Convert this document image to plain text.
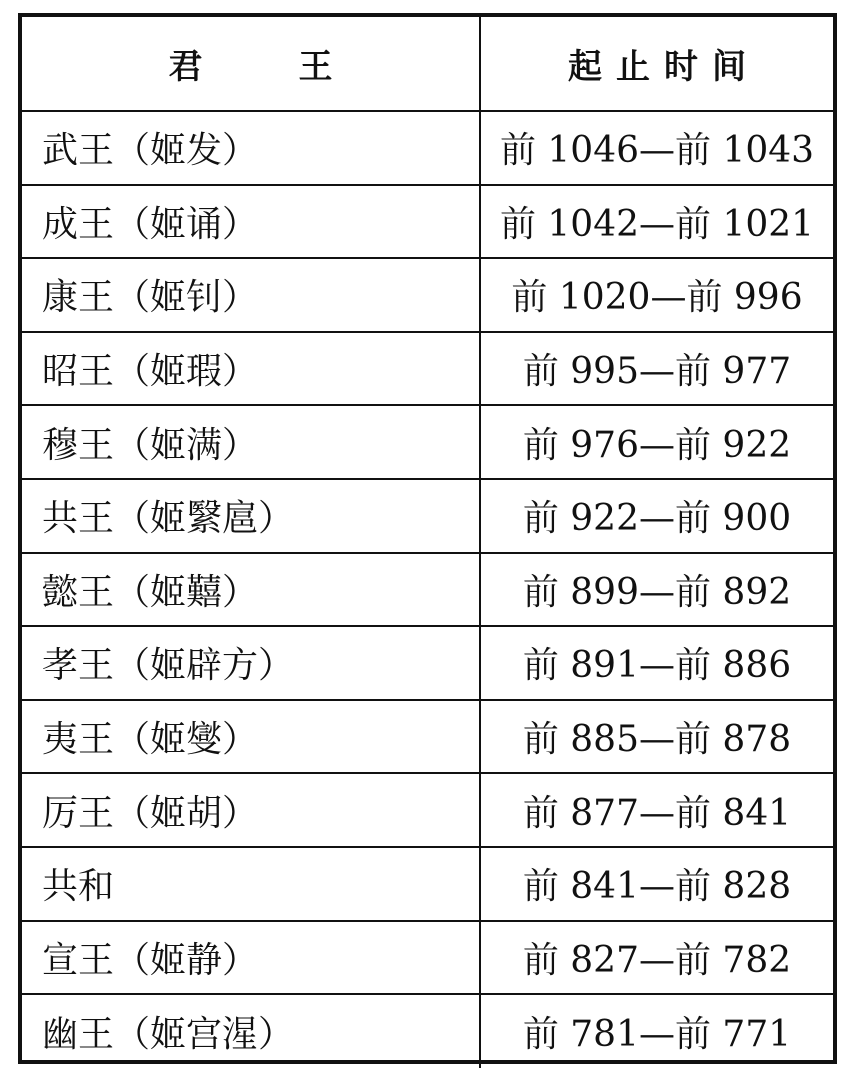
君王	起止时间
武王（姬发）	前 1046—前 1043
成王（姬诵）	前 1042—前 1021
康王（姬钊）	前 1020—前 996
昭王（姬瑕）	前 995—前 977
穆王（姬满）	前 976—前 922
共王（姬繄扈）	前 922—前 900
懿王（姬囏）	前 899—前 892
孝王（姬辟方）	前 891—前 886
夷王（姬燮）	前 885—前 878
厉王（姬胡）	前 877—前 841
共和	前 841—前 828
宣王（姬静）	前 827—前 782
幽王（姬宫湦）	前 781—前 771
